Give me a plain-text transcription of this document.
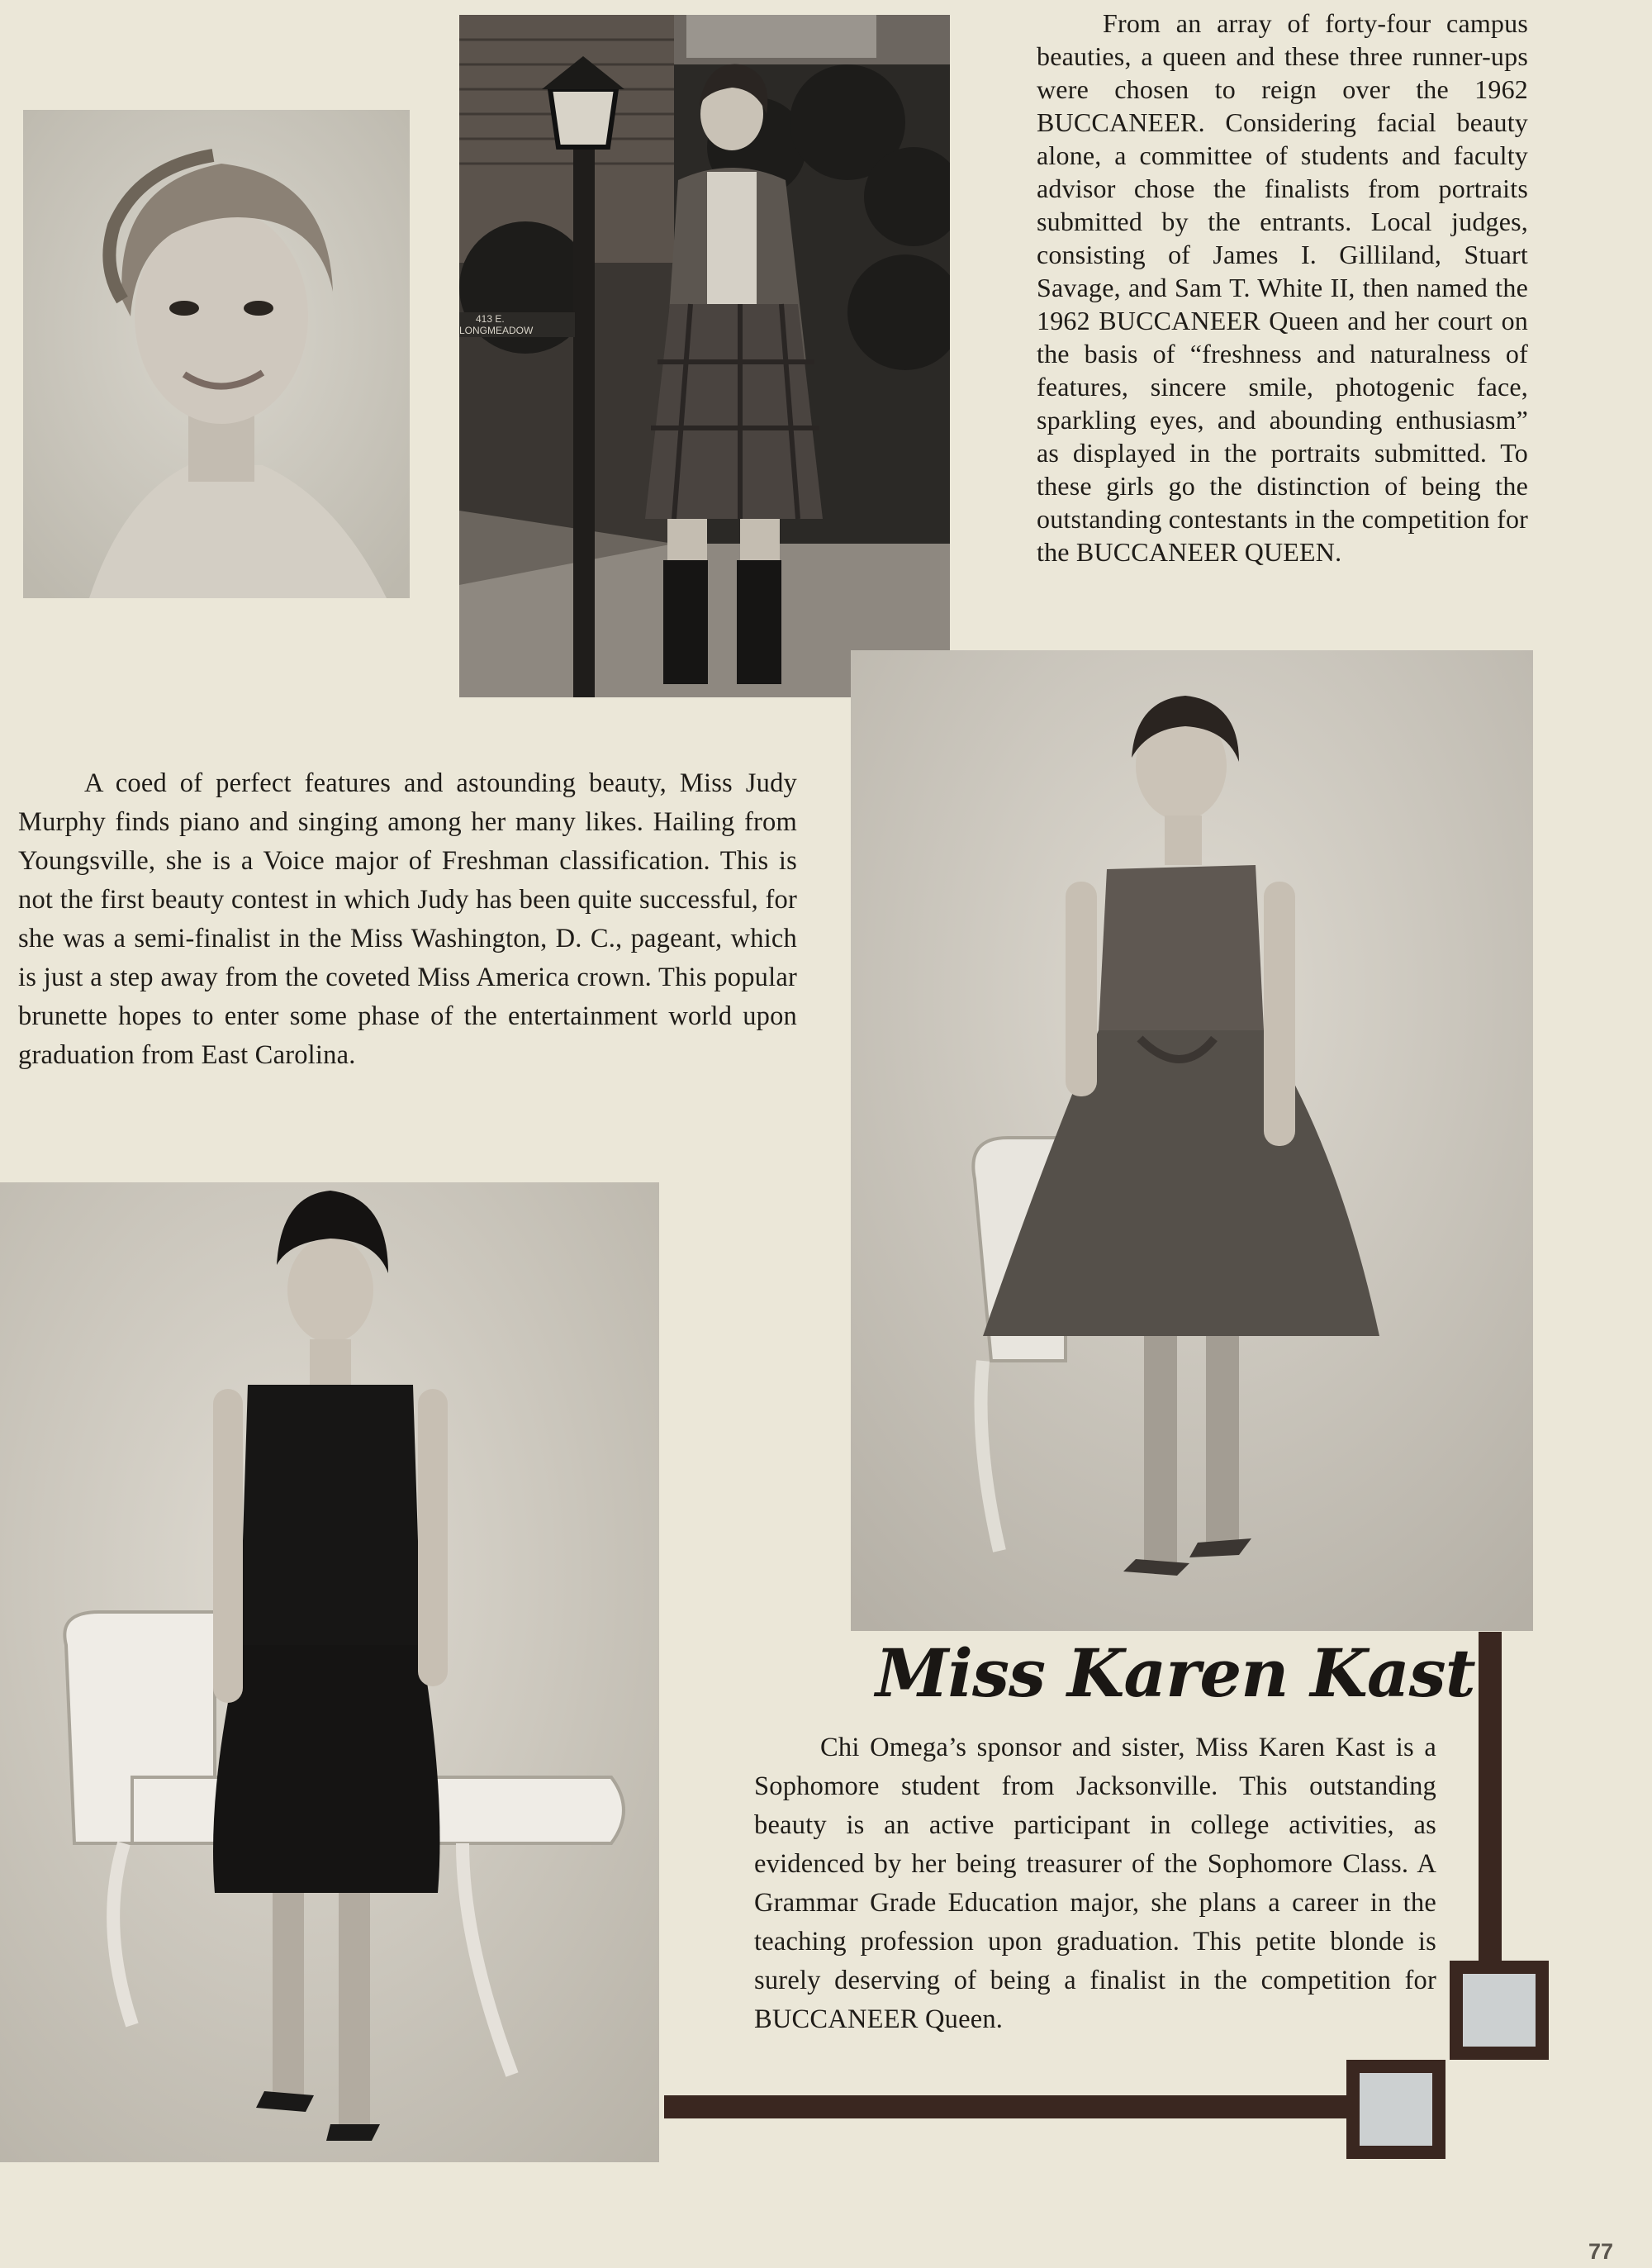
413 E.
LONGMEADOW

From an array of forty-four campus beauties, a queen and these three runner-ups were chosen to reign over the 1962 BUCCANEER. Considering facial beauty alone, a committee of students and faculty advisor chose the finalists from portraits submitted by the entrants. Local judges, consisting of James I. Gilliland, Stuart Savage, and Sam T. White II, then named the 1962 BUCCANEER Queen and her court on the basis of “freshness and naturalness of features, sincere smile, photogenic face, sparkling eyes, and abounding enthusiasm” as displayed in the portraits submitted. To these girls go the distinction of being the outstanding contestants in the competition for the BUCCANEER QUEEN.

A coed of perfect features and astounding beauty, Miss Judy Murphy finds piano and singing among her many likes. Hailing from Youngsville, she is a Voice major of Freshman classification. This is not the first beauty contest in which Judy has been quite successful, for she was a semi-finalist in the Miss Washington, D. C., pageant, which is just a step away from the coveted Miss America crown. This popular brunette hopes to enter some phase of the entertainment world upon graduation from East Carolina.

Miss Karen Kast

Chi Omega’s sponsor and sister, Miss Karen Kast is a Sophomore student from Jacksonville. This outstanding beauty is an active participant in college activities, as evidenced by her being treasurer of the Sophomore Class. A Grammar Grade Education major, she plans a career in the teaching profession upon graduation. This petite blonde is surely deserving of being a finalist in the competition for BUCCANEER Queen.

77
